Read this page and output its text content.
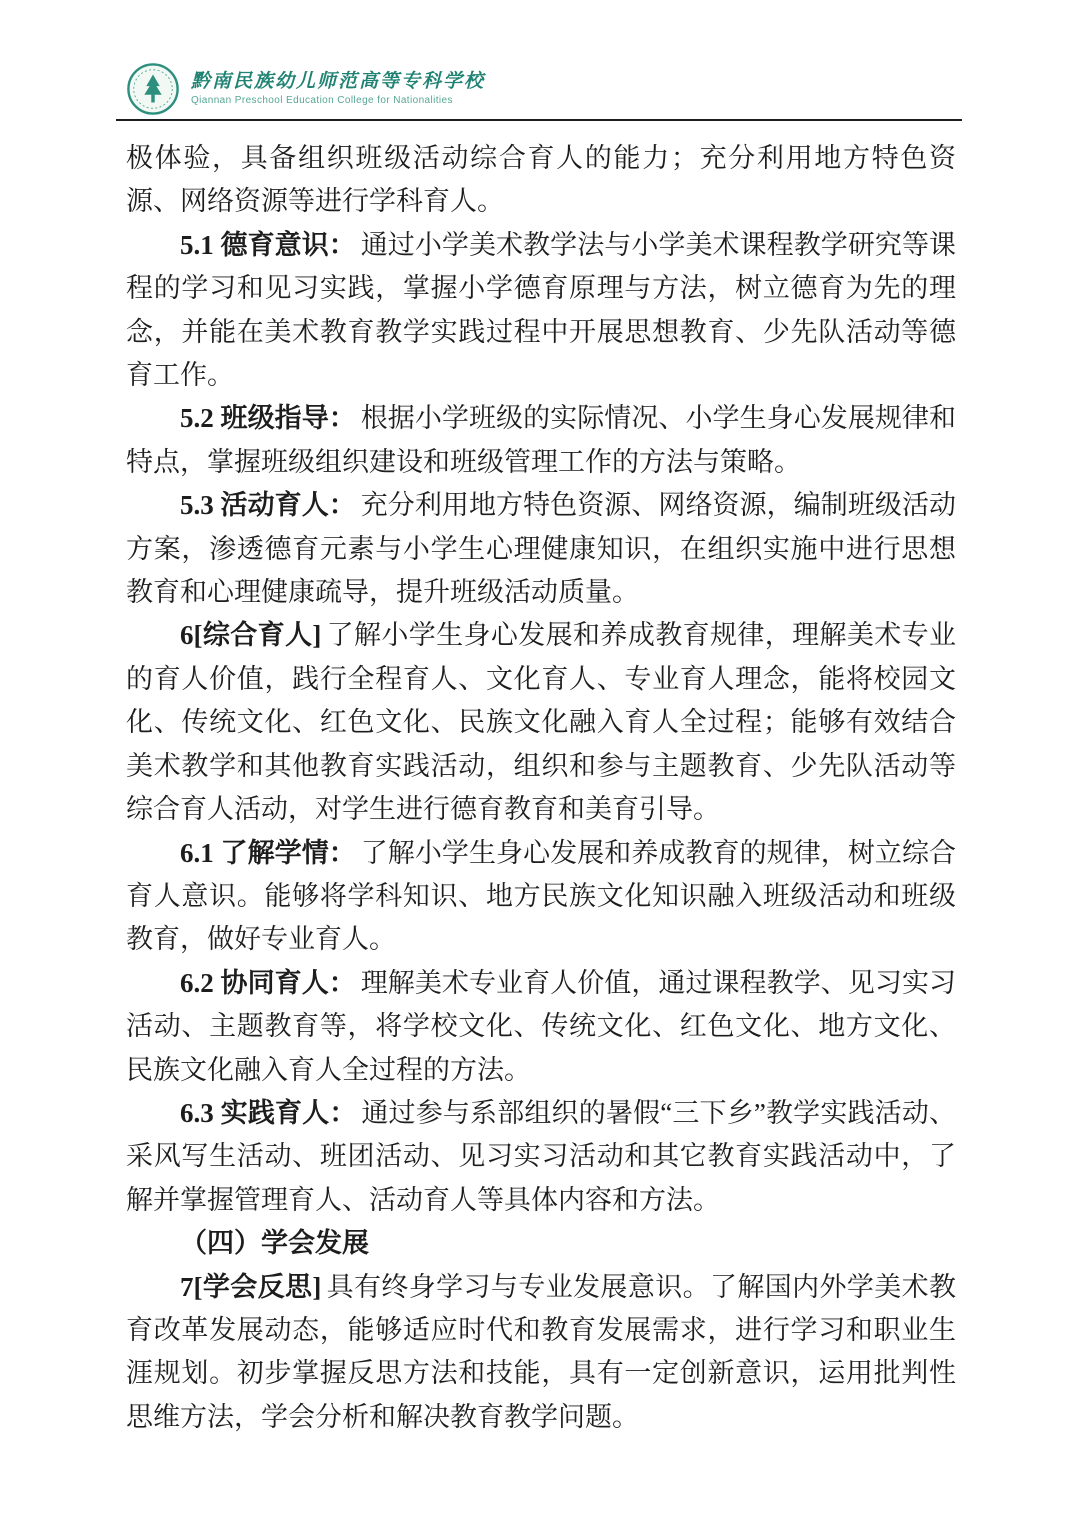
黔南民族幼儿师范高等专科学校
Qiannan Preschool Education College for Nationalities

极体验，具备组织班级活动综合育人的能力；充分利用地方特色资源、网络资源等进行学科育人。

5.1 德育意识： 通过小学美术教学法与小学美术课程教学研究等课程的学习和见习实践，掌握小学德育原理与方法，树立德育为先的理念，并能在美术教育教学实践过程中开展思想教育、少先队活动等德育工作。

5.2 班级指导： 根据小学班级的实际情况、小学生身心发展规律和特点，掌握班级组织建设和班级管理工作的方法与策略。

5.3 活动育人： 充分利用地方特色资源、网络资源，编制班级活动方案，渗透德育元素与小学生心理健康知识，在组织实施中进行思想教育和心理健康疏导，提升班级活动质量。

6[综合育人] 了解小学生身心发展和养成教育规律，理解美术专业的育人价值，践行全程育人、文化育人、专业育人理念，能将校园文化、传统文化、红色文化、民族文化融入育人全过程；能够有效结合美术教学和其他教育实践活动，组织和参与主题教育、少先队活动等综合育人活动，对学生进行德育教育和美育引导。

6.1 了解学情： 了解小学生身心发展和养成教育的规律，树立综合育人意识。能够将学科知识、地方民族文化知识融入班级活动和班级教育，做好专业育人。

6.2 协同育人： 理解美术专业育人价值，通过课程教学、见习实习活动、主题教育等，将学校文化、传统文化、红色文化、地方文化、民族文化融入育人全过程的方法。

6.3 实践育人： 通过参与系部组织的暑假“三下乡”教学实践活动、采风写生活动、班团活动、见习实习活动和其它教育实践活动中，了解并掌握管理育人、活动育人等具体内容和方法。

（四）学会发展

7[学会反思] 具有终身学习与专业发展意识。了解国内外学美术教育改革发展动态，能够适应时代和教育发展需求，进行学习和职业生涯规划。初步掌握反思方法和技能，具有一定创新意识，运用批判性思维方法，学会分析和解决教育教学问题。
